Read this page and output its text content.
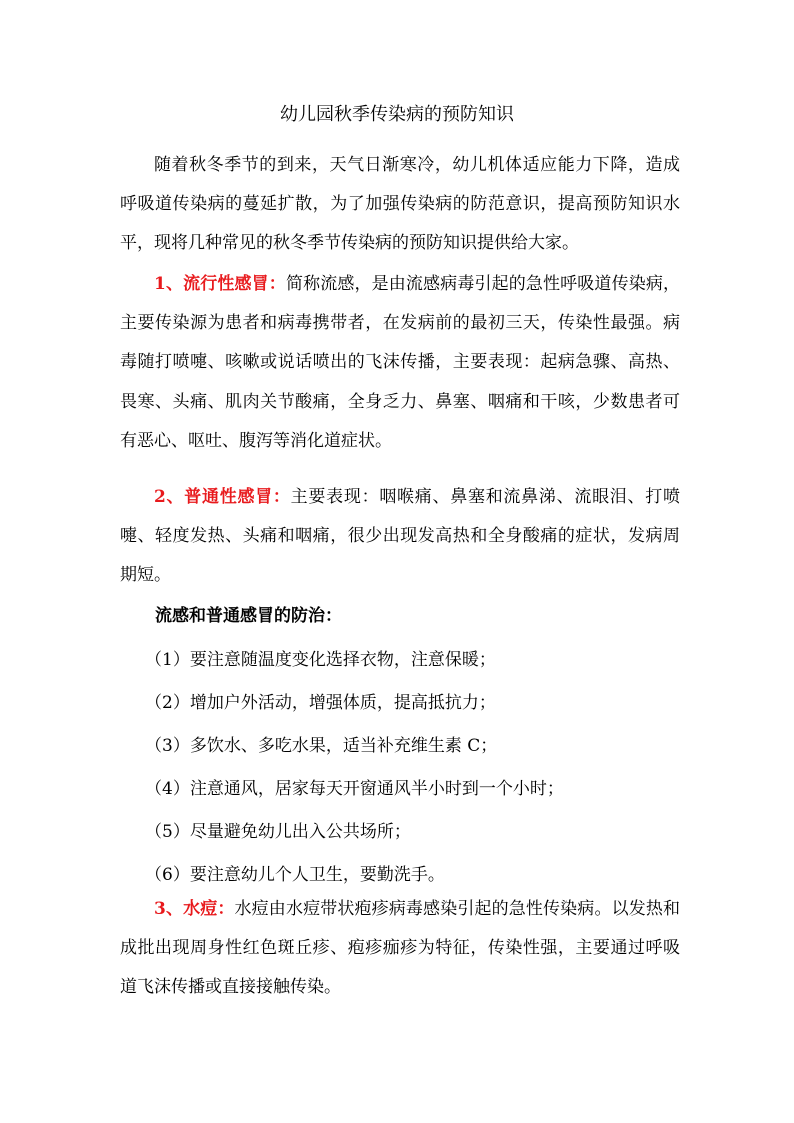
幼儿园秋季传染病的预防知识

随着秋冬季节的到来，天气日渐寒冷，幼儿机体适应能力下降，造成呼吸道传染病的蔓延扩散，为了加强传染病的防范意识，提高预防知识水平，现将几种常见的秋冬季节传染病的预防知识提供给大家。

1、流行性感冒：简称流感，是由流感病毒引起的急性呼吸道传染病，主要传染源为患者和病毒携带者，在发病前的最初三天，传染性最强。病毒随打喷嚏、咳嗽或说话喷出的飞沫传播，主要表现：起病急骤、高热、畏寒、头痛、肌肉关节酸痛，全身乏力、鼻塞、咽痛和干咳，少数患者可有恶心、呕吐、腹泻等消化道症状。

2、普通性感冒：主要表现：咽喉痛、鼻塞和流鼻涕、流眼泪、打喷嚏、轻度发热、头痛和咽痛，很少出现发高热和全身酸痛的症状，发病周期短。

流感和普通感冒的防治：
（1）要注意随温度变化选择衣物，注意保暖；
（2）增加户外活动，增强体质，提高抵抗力；
（3）多饮水、多吃水果，适当补充维生素 C；
（4）注意通风，居家每天开窗通风半小时到一个小时；
（5）尽量避免幼儿出入公共场所；
（6）要注意幼儿个人卫生，要勤洗手。

3、水痘：水痘由水痘带状疱疹病毒感染引起的急性传染病。以发热和成批出现周身性红色斑丘疹、疱疹痂疹为特征，传染性强，主要通过呼吸道飞沫传播或直接接触传染。
